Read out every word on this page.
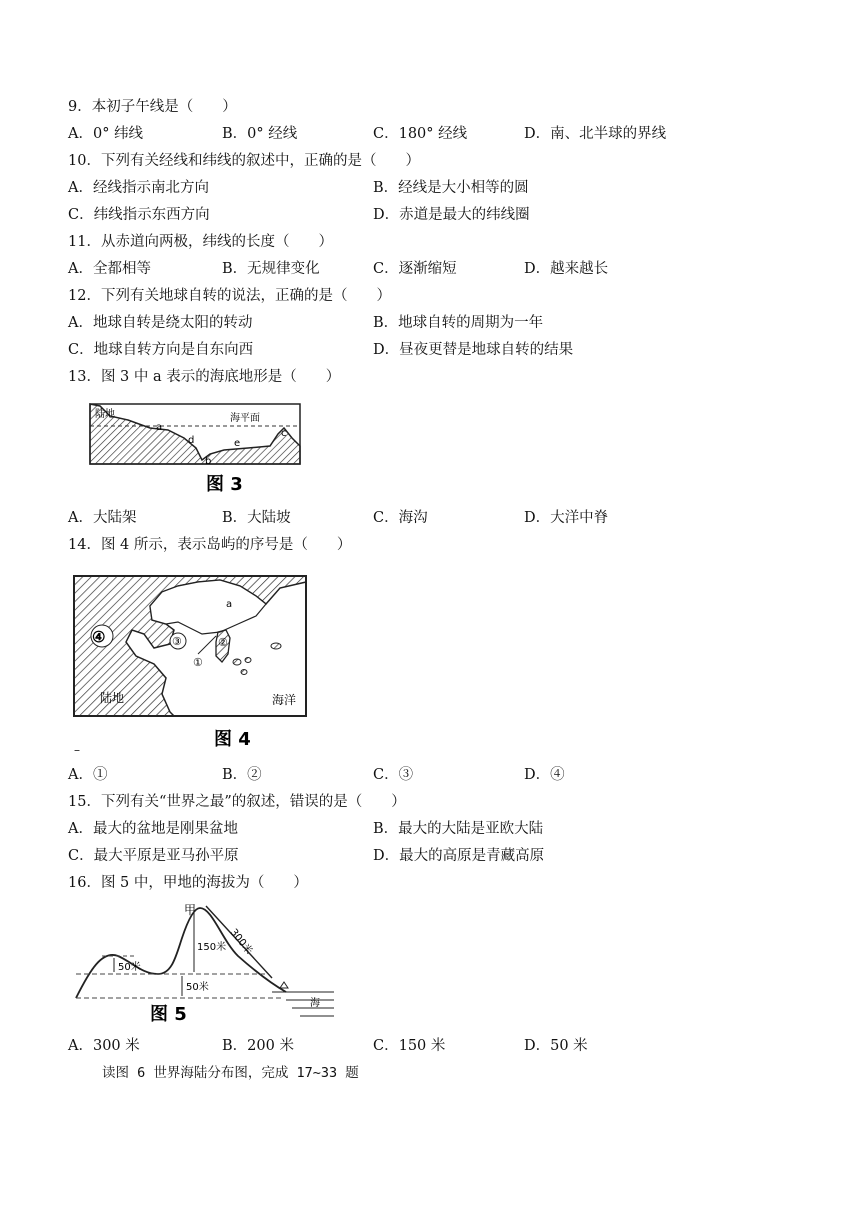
9．本初子午线是（　　）
A．0° 纬线	B．0° 经线	C．180° 经线	D．南、北半球的界线
10．下列有关经线和纬线的叙述中，正确的是（　　）
A．经线指示南北方向	B．经线是大小相等的圆
C．纬线指示东西方向	D．赤道是最大的纬线圈
11．从赤道向两极，纬线的长度（　　）
A．全都相等	B．无规律变化	C．逐渐缩短	D．越来越长
12．下列有关地球自转的说法，正确的是（　　）
A．地球自转是绕太阳的转动	B．地球自转的周期为一年
C．地球自转方向是自东向西	D．昼夜更替是地球自转的结果
13．图 3 中 a 表示的海底地形是（　　）
陆地	海平面
a
b
c
d	e
图 3
A．大陆架	B．大陆坡	C．海沟	D．大洋中脊
14．图 4 所示，表示岛屿的序号是（　　）
③	②
①
④
a
陆地	海洋
图 4
–
A．①	B．②	C．③	D．④
15．下列有关“世界之最”的叙述，错误的是（　　）
A．最大的盆地是刚果盆地	B．最大的大陆是亚欧大陆
C．最大平原是亚马孙平原	D．最大的高原是青藏高原
16．图 5 中，甲地的海拔为（　　）
50米
150米
50米
300米
甲
海
图 5
A．300 米	B．200 米	C．150 米	D．50 米
读图 6 世界海陆分布图，完成 17~33 题
